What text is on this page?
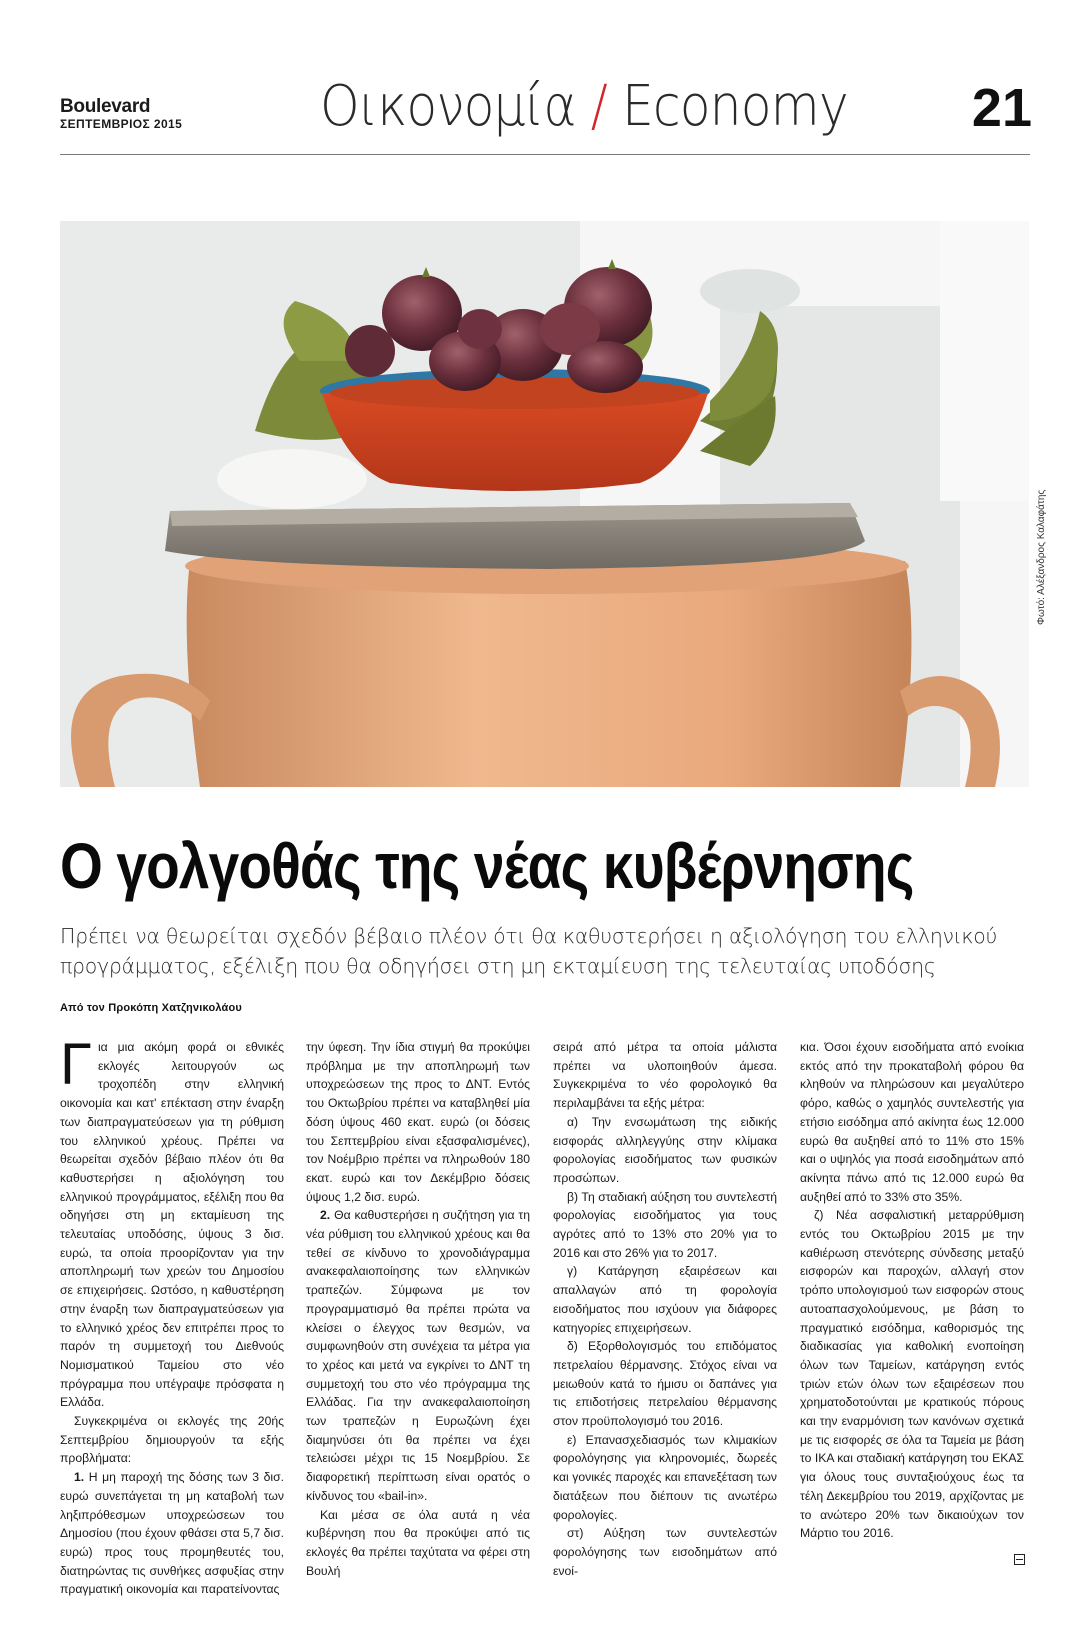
Boulevard
ΣΕΠΤΕΜΒΡΙΟΣ 2015 Οικονομία / Economy 21
Φωτό: Αλέξανδρος Καλαφάτης
Ο γολγοθάς της νέας κυβέρνησης

Πρέπει να θεωρείται σχεδόν βέβαιο πλέον ότι θα καθυστερήσει η αξιολόγηση του ελληνικού προγράμματος, εξέλιξη που θα οδηγήσει στη μη εκταμίευση της τελευταίας υποδόσης

Από τον Προκόπη Χατζηνικολάου

Για μια ακόμη φορά οι εθνικές εκλογές λειτουργούν ως τροχοπέδη στην ελληνική οικονομία και κατ' επέκταση στην έναρξη των διαπραγματεύσεων για τη ρύθμιση του ελληνικού χρέους. Πρέπει να θεωρείται σχεδόν βέβαιο πλέον ότι θα καθυστερήσει η αξιολόγηση του ελληνικού προγράμματος, εξέλιξη που θα οδηγήσει στη μη εκταμίευση της τελευταίας υποδόσης, ύψους 3 δισ. ευρώ, τα οποία προορίζονταν για την αποπληρωμή των χρεών του Δημοσίου σε επιχειρήσεις. Ωστόσο, η καθυστέρηση στην έναρξη των διαπραγματεύσεων για το ελληνικό χρέος δεν επιτρέπει προς το παρόν τη συμμετοχή του Διεθνούς Νομισματικού Ταμείου στο νέο πρόγραμμα που υπέγραψε πρόσφατα η Ελλάδα.

Συγκεκριμένα οι εκλογές της 20ής Σεπτεμβρίου δημιουργούν τα εξής προβλήματα:

1. Η μη παροχή της δόσης των 3 δισ. ευρώ συνεπάγεται τη μη καταβολή των ληξιπρόθεσμων υποχρεώσεων του Δημοσίου (που έχουν φθάσει στα 5,7 δισ. ευρώ) προς τους προμηθευτές του, διατηρώντας τις συνθήκες ασφυξίας στην πραγματική οικονομία και παρατείνοντας

την ύφεση. Την ίδια στιγμή θα προκύψει πρόβλημα με την αποπληρωμή των υποχρεώσεων της προς το ΔΝΤ. Εντός του Οκτωβρίου πρέπει να καταβληθεί μία δόση ύψους 460 εκατ. ευρώ (οι δόσεις του Σεπτεμβρίου είναι εξασφαλισμένες), τον Νοέμβριο πρέπει να πληρωθούν 180 εκατ. ευρώ και τον Δεκέμβριο δόσεις ύψους 1,2 δισ. ευρώ.

2. Θα καθυστερήσει η συζήτηση για τη νέα ρύθμιση του ελληνικού χρέους και θα τεθεί σε κίνδυνο το χρονοδιάγραμμα ανακεφαλαιοποίησης των ελληνικών τραπεζών. Σύμφωνα με τον προγραμματισμό θα πρέπει πρώτα να κλείσει ο έλεγχος των θεσμών, να συμφωνηθούν στη συνέχεια τα μέτρα για το χρέος και μετά να εγκρίνει το ΔΝΤ τη συμμετοχή του στο νέο πρόγραμμα της Ελλάδας. Για την ανακεφαλαιοποίηση των τραπεζών η Ευρωζώνη έχει διαμηνύσει ότι θα πρέπει να έχει τελειώσει μέχρι τις 15 Νοεμβρίου. Σε διαφορετική περίπτωση είναι ορατός ο κίνδυνος του «bail-in».

Και μέσα σε όλα αυτά η νέα κυβέρνηση που θα προκύψει από τις εκλογές θα πρέπει ταχύτατα να φέρει στη Βουλή

σειρά από μέτρα τα οποία μάλιστα πρέπει να υλοποιηθούν άμεσα. Συγκεκριμένα το νέο φορολογικό θα περιλαμβάνει τα εξής μέτρα:

α) Την ενσωμάτωση της ειδικής εισφοράς αλληλεγγύης στην κλίμακα φορολογίας εισοδήματος των φυσικών προσώπων.

β) Τη σταδιακή αύξηση του συντελεστή φορολογίας εισοδήματος για τους αγρότες από το 13% στο 20% για το 2016 και στο 26% για το 2017.

γ) Κατάργηση εξαιρέσεων και απαλλαγών από τη φορολογία εισοδήματος που ισχύουν για διάφορες κατηγορίες επιχειρήσεων.

δ) Εξορθολογισμός του επιδόματος πετρελαίου θέρμανσης. Στόχος είναι να μειωθούν κατά το ήμισυ οι δαπάνες για τις επιδοτήσεις πετρελαίου θέρμανσης στον προϋπολογισμό του 2016.

ε) Επανασχεδιασμός των κλιμακίων φορολόγησης για κληρονομιές, δωρεές και γονικές παροχές και επανεξέταση των διατάξεων που διέπουν τις ανωτέρω φορολογίες.

στ) Αύξηση των συντελεστών φορολόγησης των εισοδημάτων από ενοί-

κια. Όσοι έχουν εισοδήματα από ενοίκια εκτός από την προκαταβολή φόρου θα κληθούν να πληρώσουν και μεγαλύτερο φόρο, καθώς ο χαμηλός συντελεστής για ετήσιο εισόδημα από ακίνητα έως 12.000 ευρώ θα αυξηθεί από το 11% στο 15% και ο υψηλός για ποσά εισοδημάτων από ακίνητα πάνω από τις 12.000 ευρώ θα αυξηθεί από το 33% στο 35%.

ζ) Νέα ασφαλιστική μεταρρύθμιση εντός του Οκτωβρίου 2015 με την καθιέρωση στενότερης σύνδεσης μεταξύ εισφορών και παροχών, αλλαγή στον τρόπο υπολογισμού των εισφορών στους αυτοαπασχολούμενους, με βάση το πραγματικό εισόδημα, καθορισμός της διαδικασίας για καθολική ενοποίηση όλων των Ταμείων, κατάργηση εντός τριών ετών όλων των εξαιρέσεων που χρηματοδοτούνται με κρατικούς πόρους και την εναρμόνιση των κανόνων σχετικά με τις εισφορές σε όλα τα Ταμεία με βάση το ΙΚΑ και σταδιακή κατάργηση του ΕΚΑΣ για όλους τους συνταξιούχους έως τα τέλη Δεκεμβρίου του 2019, αρχίζοντας με το ανώτερο 20% των δικαιούχων τον Μάρτιο του 2016.
